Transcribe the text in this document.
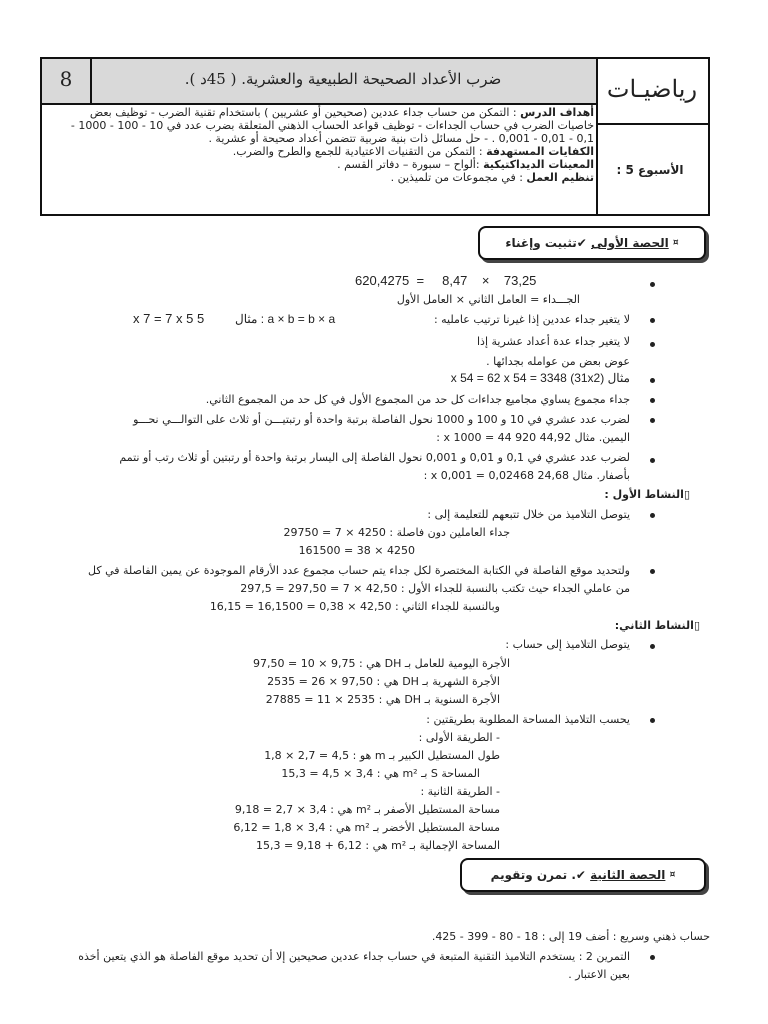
8	ضرب الأعداد الصحيحة الطبيعية والعشرية. ( 45د ).	رياضيـات
الأسبوع 5 :
أهداف الدرس : التمكن من حساب جداء عددين (صحيحين أو عشريين ) باستخدام تقنية الضرب - توظيف بعض
خاصيات الضرب في حساب الجداءات - توظيف قواعد الحساب الذهني المتعلقة بضرب عدد في 10 - 100 - 1000 -
0,1 - 0,01 - 0,001 . - حل مسائل ذات بنية ضربية تتضمن أعداد صحيحة أو عشرية .
الكفايات المستهدفة : التمكن من التقنيات الاعتيادية للجمع والطرح والضرب.
المعينات الديداكتيكية :ألواح – سبورة – دفاتر القسم .
تنظيم العمل : في مجموعات من تلميذين .
¤

الحصة الأولى

✔
تثبيت وإغناء
620,4275  =     8,47    ×    73,25
الجـــداء = العامل الثاني × العامل الأول
لا يتغير جداء عددين إذا غيرنا ترتيب عامليه :
مثال : a × b = b × a
x 7 = 7 x 5 5
لا يتغير جداء عدة أعداد عشرية إذا
عوض بعض من عوامله بجدائها .
مثال (31x2) x 54 = 62 x 54 = 3348
جداء مجموع يساوي مجاميع جداءات كل حد من المجموع الأول في كل حد من المجموع الثاني.
لضرب عدد عشري في 10 و 100 و 1000 نحول الفاصلة برتبة واحدة أو رتبتيـــن أو ثلاث على التوالـــي نحـــو
اليمين. مثال 44,92 x 1000 = 44 920 :
لضرب عدد عشري في 0,1 و 0,01 و 0,001 نحول الفاصلة إلى اليسار برتبة واحدة أو رتبتين أو ثلاث رتب أو نتمم
بأصفار. مثال 24,68 x 0,001 = 0,02468 :
▯النشاط الأول :
يتوصل التلاميذ من خلال تتبعهم للتعليمة إلى :
جداء العاملين دون فاصلة : 4250 × 7 = 29750
4250 × 38 = 161500
ولتحديد موقع الفاصلة في الكتابة المختصرة لكل جداء يتم حساب مجموع عدد الأرقام الموجودة عن يمين الفاصلة في كل
من عاملي الجداء حيث تكتب بالنسبة للجداء الأول : 42,50 × 7 = 297,50 = 297,5
وبالنسبة للجداء الثاني : 42,50 × 0,38 = 16,1500 = 16,15
▯النشاط الثاني:
يتوصل التلاميذ إلى حساب :
الأجرة اليومية للعامل بـ DH هي : 9,75 × 10 = 97,50
الأجرة الشهرية بـ DH هي : 97,50 × 26 = 2535
الأجرة السنوية بـ DH هي : 2535 × 11 = 27885
يحسب التلاميذ المساحة المطلوبة بطريقتين :
- الطريقة الأولى :
طول المستطيل الكبير بـ m هو : 4,5 = 2,7 × 1,8
المساحة S بـ m² هي : 3,4 × 4,5 = 15,3
- الطريقة الثانية :
مساحة المستطيل الأصفر بـ m² هي : 3,4 × 2,7 = 9,18
مساحة المستطيل الأخضر بـ m² هي : 3,4 × 1,8 = 6,12
المساحة الإجمالية بـ m² هي : 6,12 + 9,18 = 15,3
¤

الحصة الثانية

✔
. تمرن وتقويم
حساب ذهني وسريع : أضف 19 إلى : 18 - 80 - 399 - 425.
التمرين 2 : يستخدم التلاميذ التقنية المتبعة في حساب جداء عددين صحيحين إلا أن تحديد موقع الفاصلة هو الذي يتعين أخذه
بعين الاعتبار .
